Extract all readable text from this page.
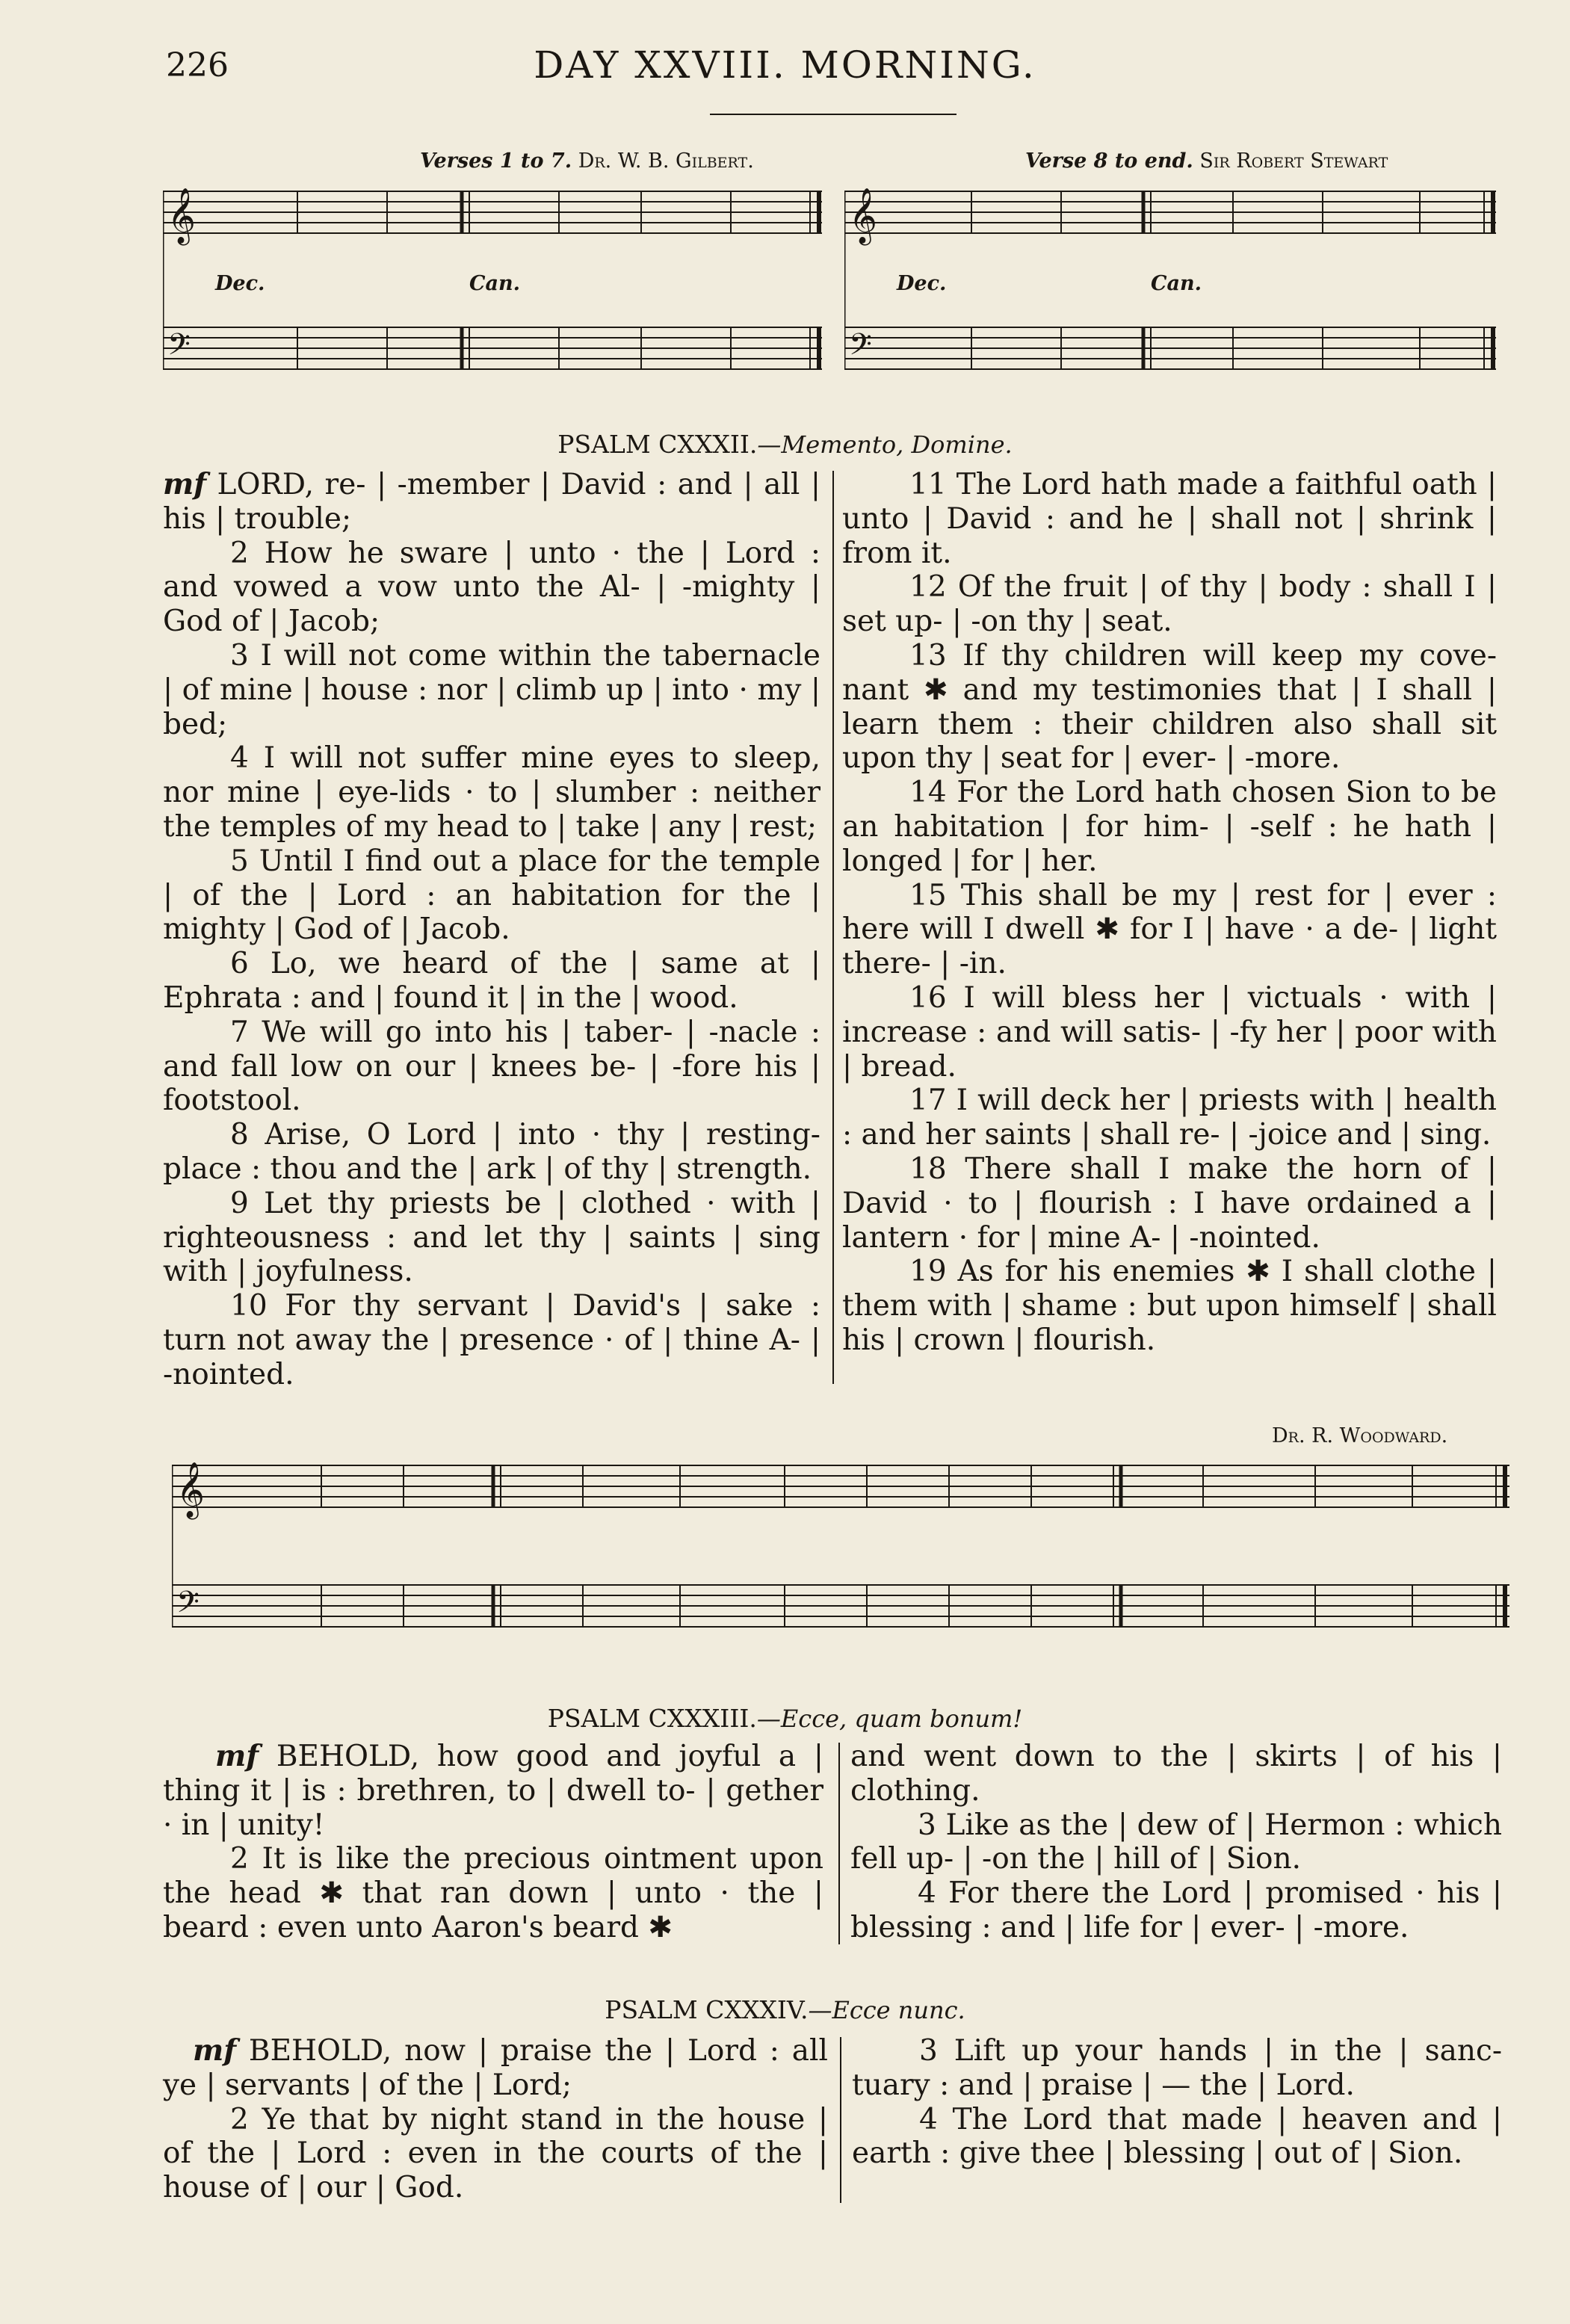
226	DAY XXVIII. MORNING.
Verses 1 to 7. Dr. W. B. Gilbert.	Verse 8 to end. Sir Robert Stewart
𝄞
𝄢
Dec.	Can.
𝄞
𝄢
Dec.	Can.
PSALM CXXXII.—Memento, Domine.

mf LORD, re- | -member | David : and | all | his | trouble;

2 How he sware | unto · the | Lord : and vowed a vow unto the Al- | -mighty | God of | Jacob;

3 I will not come within the tabernacle | of mine | house : nor | climb up | into · my | bed;

4 I will not suffer mine eyes to sleep, nor mine | eye-lids · to | slumber : neither the temples of my head to | take | any | rest;

5 Until I find out a place for the temple | of the | Lord : an habitation for the | mighty | God of | Jacob.

6 Lo, we heard of the | same at | Ephrata : and | found it | in the | wood.

7 We will go into his | taber- | -nacle : and fall low on our | knees be- | -fore his | footstool.

8 Arise, O Lord | into · thy | resting-place : thou and the | ark | of thy | strength.

9 Let thy priests be | clothed · with | righteousness : and let thy | saints | sing with | joyfulness.

10 For thy servant | David's | sake : turn not away the | presence · of | thine A- | -nointed.

11 The Lord hath made a faithful oath | unto | David : and he | shall not | shrink | from it.

12 Of the fruit | of thy | body : shall I | set up- | -on thy | seat.

13 If thy children will keep my covenant ✱ and my testimonies that | I shall | learn them : their children also shall sit upon thy | seat for | ever- | -more.

14 For the Lord hath chosen Sion to be an habitation | for him- | -self : he hath | longed | for | her.

15 This shall be my | rest for | ever : here will I dwell ✱ for I | have · a de- | light there- | -in.

16 I will bless her | victuals · with | increase : and will satis- | -fy her | poor with | bread.

17 I will deck her | priests with | health : and her saints | shall re- | -joice and | sing.

18 There shall I make the horn of | David · to | flourish : I have ordained a | lantern · for | mine A- | -nointed.

19 As for his enemies ✱ I shall clothe | them with | shame : but upon himself | shall his | crown | flourish.

Dr. R. Woodward.
𝄞
𝄢
PSALM CXXXIII.—Ecce, quam bonum!

mf BEHOLD, how good and joyful a | thing it | is : brethren, to | dwell to- | gether · in | unity!

2 It is like the precious ointment upon the head ✱ that ran down | unto · the | beard : even unto Aaron's beard ✱

and went down to the | skirts | of his | clothing.

3 Like as the | dew of | Hermon : which fell up- | -on the | hill of | Sion.

4 For there the Lord | promised · his | blessing : and | life for | ever- | -more.

PSALM CXXXIV.—Ecce nunc.

mf BEHOLD, now | praise the | Lord : all ye | servants | of the | Lord;

2 Ye that by night stand in the house | of the | Lord : even in the courts of the | house of | our | God.

3 Lift up your hands | in the | sanctuary : and | praise | — the | Lord.

4 The Lord that made | heaven and | earth : give thee | blessing | out of | Sion.
